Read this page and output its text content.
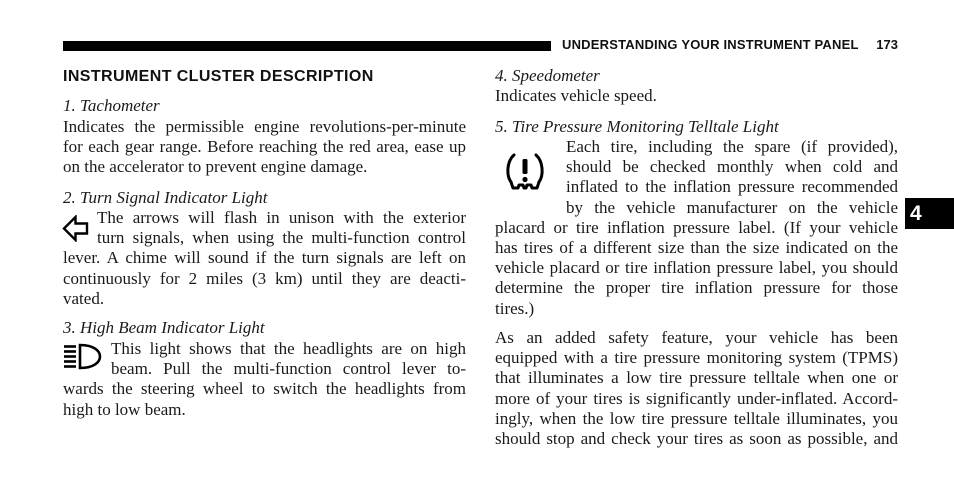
UNDERSTANDING YOUR INSTRUMENT PANEL	173
4
INSTRUMENT CLUSTER DESCRIPTION
1. Tachometer
Indicates the permissible engine revolutions-per-minute
for each gear range. Before reaching the red area, ease up
on the accelerator to prevent engine damage.
2. Turn Signal Indicator Light
The arrows will flash in unison with the exterior
turn signals, when using the multi-function control
lever. A chime will sound if the turn signals are left on
continuously for 2 miles (3 km) until they are deacti-
vated.
3. High Beam Indicator Light
This light shows that the headlights are on high
beam. Pull the multi-function control lever to-
wards the steering wheel to switch the headlights from
high to low beam.
4. Speedometer
Indicates vehicle speed.
5. Tire Pressure Monitoring Telltale Light
Each tire, including the spare (if provided),
should be checked monthly when cold and
inflated to the inflation pressure recommended
by the vehicle manufacturer on the vehicle
placard or tire inflation pressure label. (If your vehicle
has tires of a different size than the size indicated on the
vehicle placard or tire inflation pressure label, you should
determine the proper tire inflation pressure for those
tires.)
As an added safety feature, your vehicle has been
equipped with a tire pressure monitoring system (TPMS)
that illuminates a low tire pressure telltale when one or
more of your tires is significantly under-inflated. Accord-
ingly, when the low tire pressure telltale illuminates, you
should stop and check your tires as soon as possible, and
